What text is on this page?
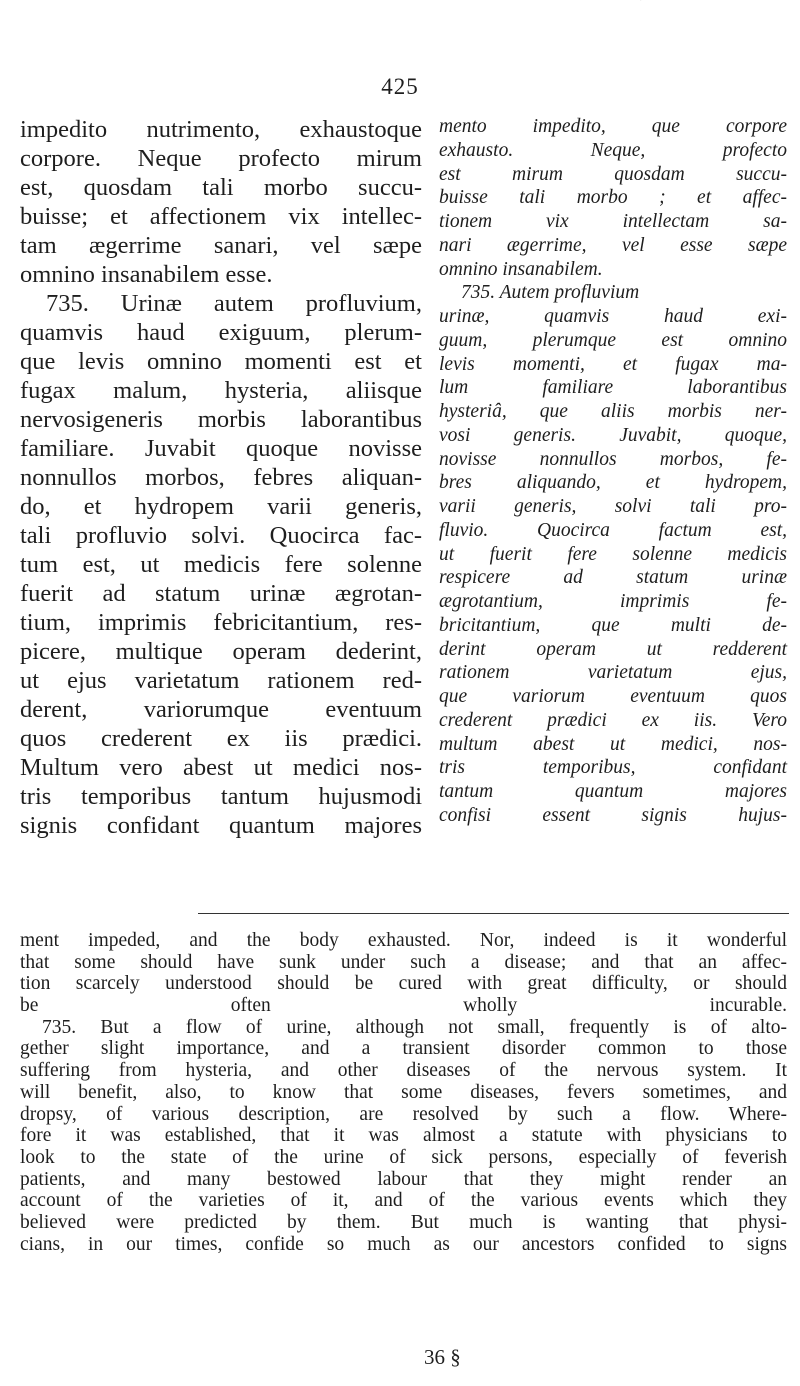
425
impedito nutrimento, exhaustoque
corpore. Neque profecto mirum
est, quosdam tali morbo succu-
buisse; et affectionem vix intellec-
tam ægerrime sanari, vel sæpe
omnino insanabilem esse.
735. Urinæ autem profluvium,
quamvis haud exiguum, plerum-
que levis omnino momenti est et
fugax malum, hysteria, aliisque
nervosigeneris morbis laborantibus
familiare. Juvabit quoque novisse
nonnullos morbos, febres aliquan-
do, et hydropem varii generis,
tali profluvio solvi. Quocirca fac-
tum est, ut medicis fere solenne
fuerit ad statum urinæ ægrotan-
tium, imprimis febricitantium, res-
picere, multique operam dederint,
ut ejus varietatum rationem red-
derent, variorumque eventuum
quos crederent ex iis prædici.
Multum vero abest ut medici nos-
tris temporibus tantum hujusmodi
signis confidant quantum majores
mento impedito, que corpore
exhausto. Neque, profecto
est mirum quosdam succu-
buisse tali morbo ; et affec-
tionem vix intellectam sa-
nari ægerrime, vel esse sæpe
omnino insanabilem.
735. Autem profluvium
urinæ, quamvis haud exi-
guum, plerumque est omnino
levis momenti, et fugax ma-
lum familiare laborantibus
hysteriâ, que aliis morbis ner-
vosi generis. Juvabit, quoque,
novisse nonnullos morbos, fe-
bres aliquando, et hydropem,
varii generis, solvi tali pro-
fluvio. Quocirca factum est,
ut fuerit fere solenne medicis
respicere ad statum urinæ
ægrotantium, imprimis fe-
bricitantium, que multi de-
derint operam ut redderent
rationem varietatum ejus,
que variorum eventuum quos
crederent prædici ex iis. Vero
multum abest ut medici, nos-
tris temporibus, confidant
tantum quantum majores
confisi essent signis hujus-
ment impeded, and the body exhausted. Nor, indeed is it wonderful
that some should have sunk under such a disease; and that an affec-
tion scarcely understood should be cured with great difficulty, or should
be often wholly incurable.
735. But a flow of urine, although not small, frequently is of alto-
gether slight importance, and a transient disorder common to those
suffering from hysteria, and other diseases of the nervous system. It
will benefit, also, to know that some diseases, fevers sometimes, and
dropsy, of various description, are resolved by such a flow. Where-
fore it was established, that it was almost a statute with physicians to
look to the state of the urine of sick persons, especially of feverish
patients, and many bestowed labour that they might render an
account of the varieties of it, and of the various events which they
believed were predicted by them. But much is wanting that physi-
cians, in our times, confide so much as our ancestors confided to signs
36 §
